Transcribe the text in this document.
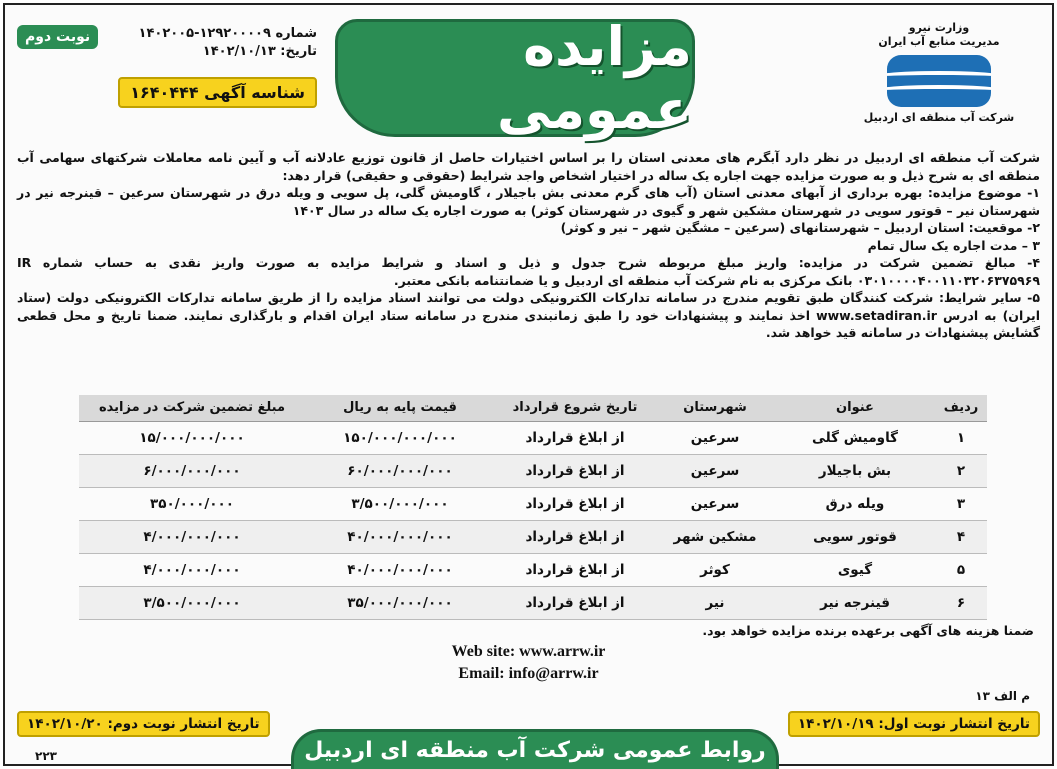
وزارت نیرو
مدیریت منابع آب ایران
شرکت آب منطقه ای اردبیل
مزایده عمومی
شماره ۱۲۹۲۰۰۰۰۹-۱۴۰۲۰۰۵
تاریخ: ۱۴۰۲/۱۰/۱۳
نوبت دوم
شناسه آگهی ۱۶۴۰۴۴۴

شرکت آب منطقه ای اردبیل در نظر دارد آبگرم های معدنی استان را بر اساس اختیارات حاصل از قانون توزیع عادلانه آب و آیین نامه معاملات شرکتهای سهامی آب منطقه ای به شرح ذیل و به صورت مزایده جهت اجاره یک ساله در اختیار اشخاص واجد شرایط (حقوقی و حقیقی) قرار دهد:

۱- موضوع مزایده: بهره برداری از آبهای معدنی استان (آب های گرم معدنی بش باجیلار ، گاومیش گلی، پل سویی و ویله درق در شهرستان سرعین – قینرجه نیر در شهرستان نیر – قوتور سویی در شهرستان مشکین شهر و گیوی در شهرستان کوثر) به صورت اجاره یک ساله در سال ۱۴۰۳

۲- موقعیت: استان اردبیل – شهرستانهای (سرعین – مشگین شهر – نیر و کوثر)

۳ – مدت اجاره یک سال تمام

۴- مبالغ تضمین شرکت در مزایده: واریز مبلغ مربوطه شرح جدول و ذیل و اسناد و شرایط مزایده به صورت واریز نقدی به حساب شماره IR ۰۳۰۱۰۰۰۰۴۰۰۱۱۰۳۲۰۶۳۷۵۹۶۹ بانک مرکزی به نام شرکت آب منطقه ای اردبیل و یا ضمانتنامه بانکی معتبر.

۵- سایر شرایط: شرکت کنندگان طبق تقویم مندرج در سامانه تدارکات الکترونیکی دولت می توانند اسناد مزایده را از طریق سامانه تدارکات الکترونیکی دولت (ستاد ایران) به ادرس www.setadiran.ir اخذ نمایند و پیشنهادات خود را طبق زمانبندی مندرج در سامانه ستاد ایران اقدام و بارگذاری نمایند. ضمنا تاریخ و محل قطعی گشایش پیشنهادات در سامانه قید خواهد شد.

ردیف	عنوان	شهرستان	تاریخ شروع قرارداد	قیمت پایه به ریال	مبلغ تضمین شرکت در مزایده
۱	گاومیش گلی	سرعین	از ابلاغ قرارداد	۱۵۰/۰۰۰/۰۰۰/۰۰۰	۱۵/۰۰۰/۰۰۰/۰۰۰
۲	بش باجیلار	سرعین	از ابلاغ قرارداد	۶۰/۰۰۰/۰۰۰/۰۰۰	۶/۰۰۰/۰۰۰/۰۰۰
۳	ویله درق	سرعین	از ابلاغ قرارداد	۳/۵۰۰/۰۰۰/۰۰۰	۳۵۰/۰۰۰/۰۰۰
۴	قوتور سویی	مشکین شهر	از ابلاغ قرارداد	۴۰/۰۰۰/۰۰۰/۰۰۰	۴/۰۰۰/۰۰۰/۰۰۰
۵	گیوی	کوثر	از ابلاغ قرارداد	۴۰/۰۰۰/۰۰۰/۰۰۰	۴/۰۰۰/۰۰۰/۰۰۰
۶	قینرجه نیر	نیر	از ابلاغ قرارداد	۳۵/۰۰۰/۰۰۰/۰۰۰	۳/۵۰۰/۰۰۰/۰۰۰
ضمنا هزینه های آگهی برعهده برنده مزایده خواهد بود.
Web site: www.arrw.ir
Email: info@arrw.ir
م الف ۱۳
تاریخ انتشار نوبت اول: ۱۴۰۲/۱۰/۱۹
تاریخ انتشار نوبت دوم: ۱۴۰۲/۱۰/۲۰
روابط عمومی شرکت آب منطقه ای اردبیل
۲۲۳
